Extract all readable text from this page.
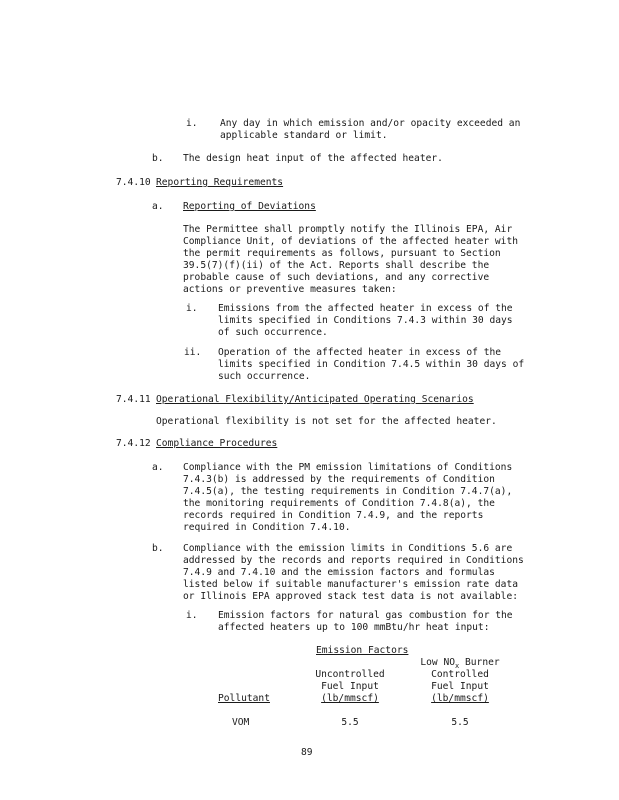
i. Any day in which emission and/or opacity exceeded an
applicable standard or limit.
b. The design heat input of the affected heater.
7.4.10 Reporting Requirements
a. Reporting of Deviations
The Permittee shall promptly notify the Illinois EPA, Air
Compliance Unit, of deviations of the affected heater with
the permit requirements as follows, pursuant to Section
39.5(7)(f)(ii) of the Act. Reports shall describe the
probable cause of such deviations, and any corrective
actions or preventive measures taken:
i. Emissions from the affected heater in excess of the
limits specified in Conditions 7.4.3 within 30 days
of such occurrence.
ii. Operation of the affected heater in excess of the
limits specified in Condition 7.4.5 within 30 days of
such occurrence.
7.4.11 Operational Flexibility/Anticipated Operating Scenarios
Operational flexibility is not set for the affected heater.
7.4.12 Compliance Procedures
a. Compliance with the PM emission limitations of Conditions
7.4.3(b) is addressed by the requirements of Condition
7.4.5(a), the testing requirements in Condition 7.4.7(a),
the monitoring requirements of Condition 7.4.8(a), the
records required in Condition 7.4.9, and the reports
required in Condition 7.4.10.
b. Compliance with the emission limits in Conditions 5.6 are
addressed by the records and reports required in Conditions
7.4.9 and 7.4.10 and the emission factors and formulas
listed below if suitable manufacturer's emission rate data
or Illinois EPA approved stack test data is not available:
i. Emission factors for natural gas combustion for the
affected heaters up to 100 mmBtu/hr heat input:
Emission Factors
Low $NO_x$ Burner
Controlled
Fuel Input
(lb/mmscf)
Uncontrolled
Fuel Input
(lb/mmscf)
Pollutant
VOM	5.5	5.5
89
